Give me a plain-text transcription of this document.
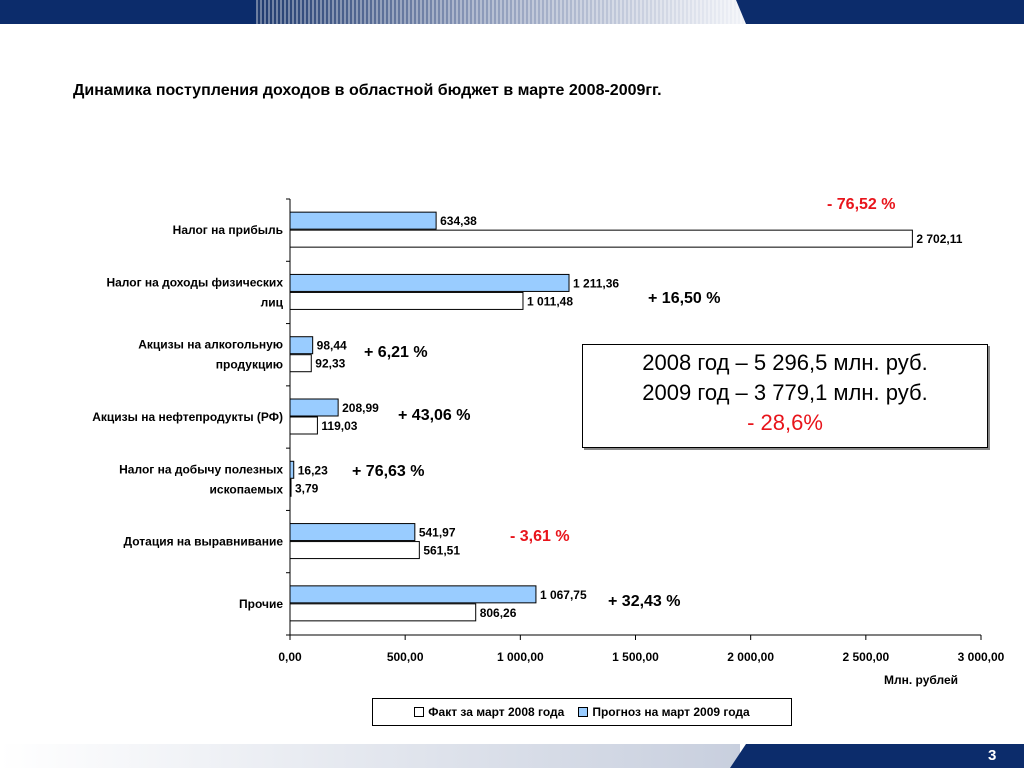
Динамика поступления доходов в областной бюджет в марте 2008-2009гг.
0,00	500,00	1 000,00	1 500,00	2 000,00	2 500,00	3 000,00
Налог на прибыль
634,38
2 702,11
Налог на доходы физических
лиц
1 211,36
1 011,48
Акцизы на алкогольную
продукцию
98,44
92,33
Акцизы на нефтепродукты (РФ)
208,99
119,03
Налог на добычу полезных
ископаемых
16,23
3,79
Дотация на выравнивание
541,97
561,51
Прочие
1 067,75
806,26
2008 год – 5 296,5 млн. руб.
2009 год – 3 779,1 млн. руб.
- 28,6%
Млн. рублей
Факт за март 2008 года Прогноз на март 2009 года
- 76,52 %
+ 16,50 %
+ 6,21 %
+ 43,06 %
+ 76,63 %
- 3,61 %
+ 32,43 %
3
